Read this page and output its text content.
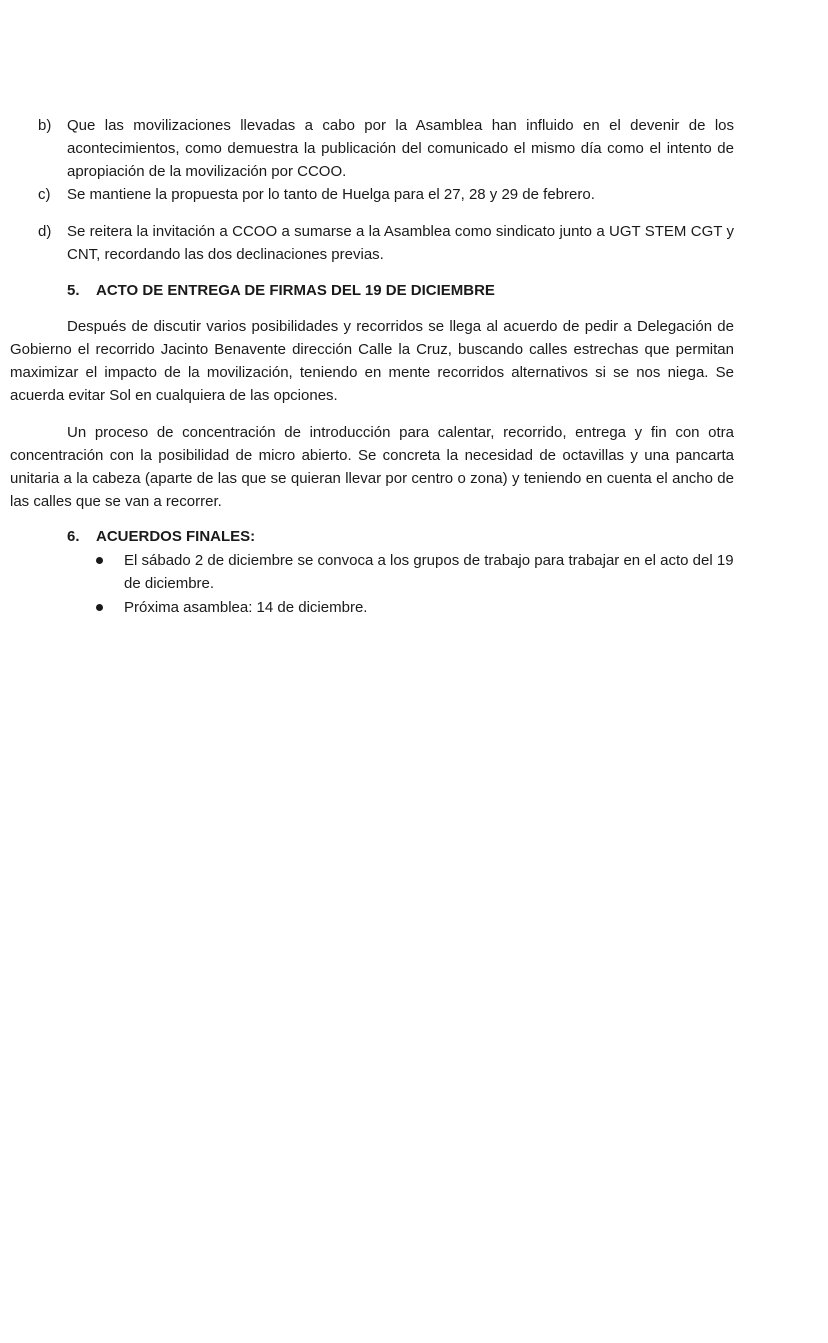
b)	Que las movilizaciones llevadas a cabo por la Asamblea han influido en el devenir de los acontecimientos, como demuestra la publicación del comunicado el mismo día como el intento de apropiación de la movilización por CCOO.
c)	Se mantiene la propuesta por lo tanto de Huelga para el 27, 28 y 29 de febrero.
d)	Se reitera la invitación a CCOO a sumarse a la Asamblea como sindicato junto a UGT STEM CGT y CNT, recordando las dos declinaciones previas.
5. ACTO DE ENTREGA DE FIRMAS DEL 19 DE DICIEMBRE
Después de discutir varios posibilidades y recorridos se llega al acuerdo de pedir a Delegación de Gobierno el recorrido Jacinto Benavente dirección Calle la Cruz, buscando calles estrechas que permitan maximizar el impacto de la movilización, teniendo en mente recorridos alternativos si se nos niega. Se acuerda evitar Sol en cualquiera de las opciones.
Un proceso de concentración de introducción para calentar, recorrido, entrega y fin con otra concentración con la posibilidad de micro abierto. Se concreta la necesidad de octavillas y una pancarta unitaria a la cabeza (aparte de las que se quieran llevar por centro o zona) y teniendo en cuenta el ancho de las calles que se van a recorrer.
6. ACUERDOS FINALES:
El sábado 2 de diciembre se convoca a los grupos de trabajo para trabajar en el acto del 19 de diciembre.
Próxima asamblea: 14 de diciembre.
